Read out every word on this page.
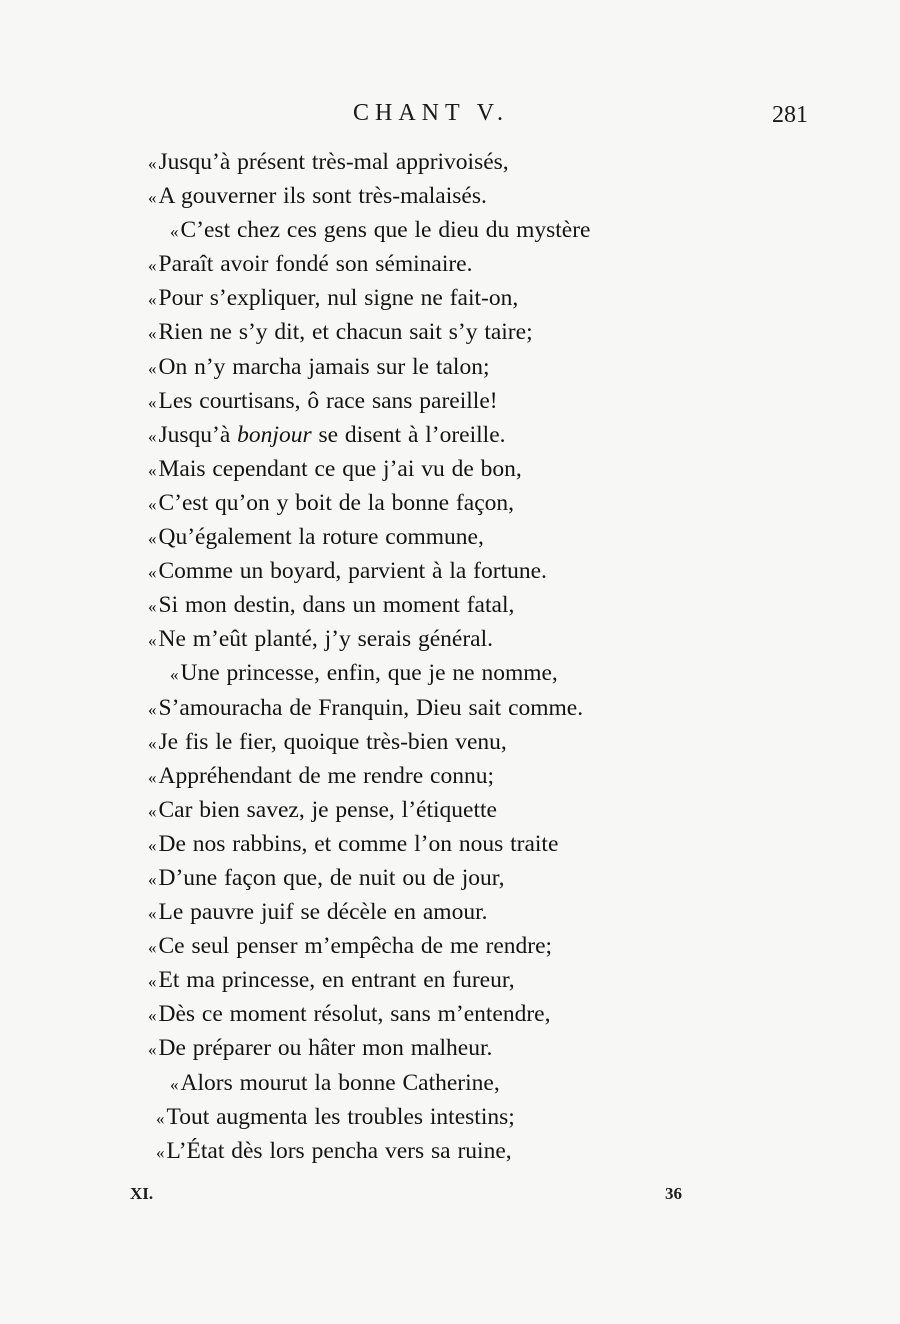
CHANT V.	281
«Jusqu’à présent très-mal apprivoisés,
«A gouverner ils sont très-malaisés.
«C’est chez ces gens que le dieu du mystère
«Paraît avoir fondé son séminaire.
«Pour s’expliquer, nul signe ne fait-on,
«Rien ne s’y dit, et chacun sait s’y taire;
«On n’y marcha jamais sur le talon;
«Les courtisans, ô race sans pareille!
«Jusqu’à bonjour se disent à l’oreille.
«Mais cependant ce que j’ai vu de bon,
«C’est qu’on y boit de la bonne façon,
«Qu’également la roture commune,
«Comme un boyard, parvient à la fortune.
«Si mon destin, dans un moment fatal,
«Ne m’eût planté, j’y serais général.
«Une princesse, enfin, que je ne nomme,
«S’amouracha de Franquin, Dieu sait comme.
«Je fis le fier, quoique très-bien venu,
«Appréhendant de me rendre connu;
«Car bien savez, je pense, l’étiquette
«De nos rabbins, et comme l’on nous traite
«D’une façon que, de nuit ou de jour,
«Le pauvre juif se décèle en amour.
«Ce seul penser m’empêcha de me rendre;
«Et ma princesse, en entrant en fureur,
«Dès ce moment résolut, sans m’entendre,
«De préparer ou hâter mon malheur.
«Alors mourut la bonne Catherine,
«Tout augmenta les troubles intestins;
«L’État dès lors pencha vers sa ruine,
XI.	36
